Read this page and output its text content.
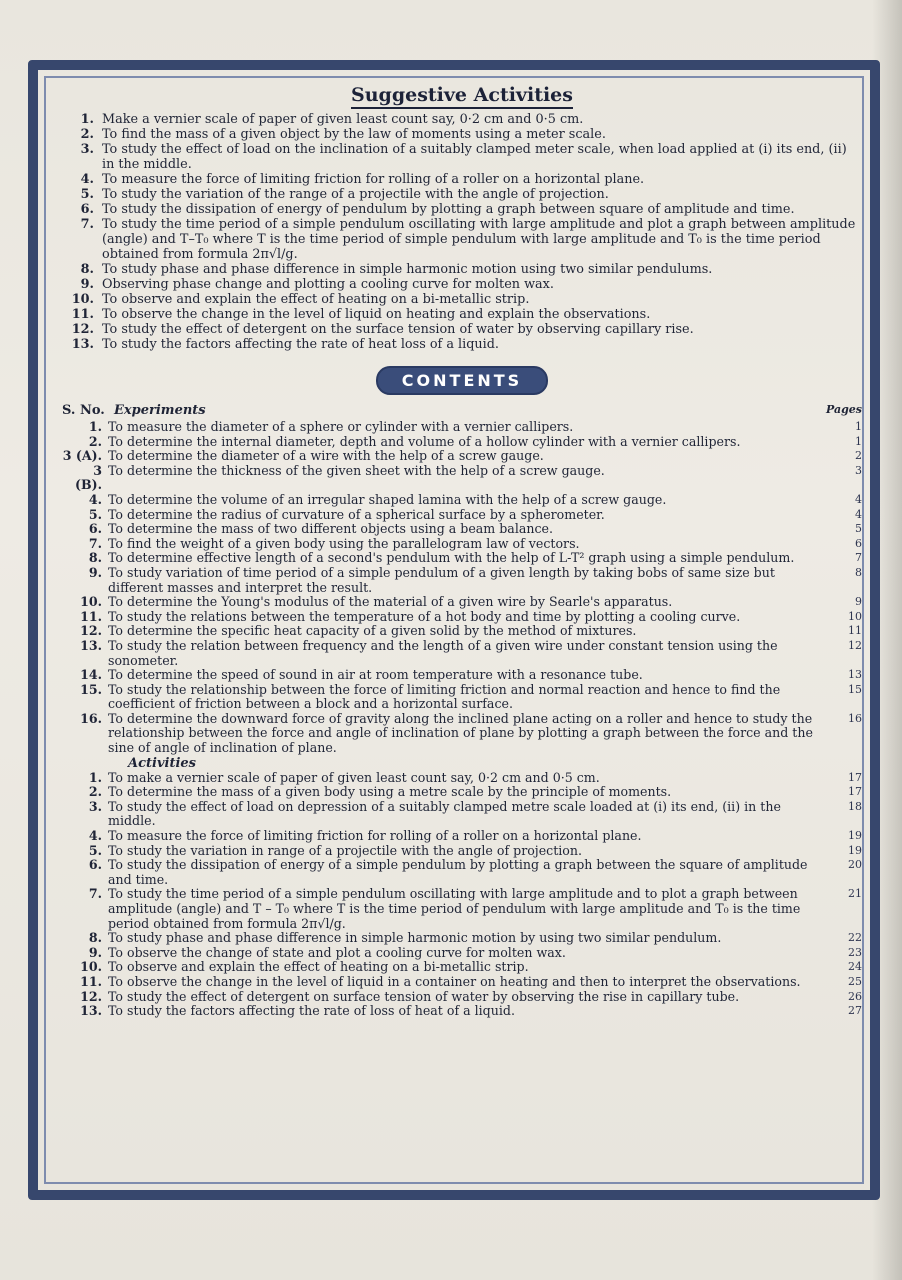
Suggestive Activities
1. Make a vernier scale of paper of given least count say, 0·2 cm and 0·5 cm.
2. To find the mass of a given object by the law of moments using a meter scale.
3. To study the effect of load on the inclination of a suitably clamped meter scale, when load applied at (i) its end, (ii) in the middle.
4. To measure the force of limiting friction for rolling of a roller on a horizontal plane.
5. To study the variation of the range of a projectile with the angle of projection.
6. To study the dissipation of energy of pendulum by plotting a graph between square of amplitude and time.
7. To study the time period of a simple pendulum oscillating with large amplitude and plot a graph between amplitude (angle) and T–T₀ where T is the time period of simple pendulum with large amplitude and T₀ is the time period obtained from formula 2π√l/g.
8. To study phase and phase difference in simple harmonic motion using two similar pendulums.
9. Observing phase change and plotting a cooling curve for molten wax.
10. To observe and explain the effect of heating on a bi-metallic strip.
11. To observe the change in the level of liquid on heating and explain the observations.
12. To study the effect of detergent on the surface tension of water by observing capillary rise.
13. To study the factors affecting the rate of heat loss of a liquid.
CONTENTS
S. No. Experiments	Pages
1. To measure the diameter of a sphere or cylinder with a vernier callipers.	1
2. To determine the internal diameter, depth and volume of a hollow cylinder with a vernier callipers.	1
3 (A). To determine the diameter of a wire with the help of a screw gauge.	2
3 (B).
To determine the thickness of the given sheet with the help of a screw gauge.	3
4. To determine the volume of an irregular shaped lamina with the help of a screw gauge.	4
5. To determine the radius of curvature of a spherical surface by a spherometer.	4
6. To determine the mass of two different objects using a beam balance.	5
7. To find the weight of a given body using the parallelogram law of vectors.	6
8. To determine effective length of a second's pendulum with the help of L-T² graph using a simple pendulum.	7
9. To study variation of time period of a simple pendulum of a given length by taking bobs of same size but different masses and interpret the result.
8
10. To determine the Young's modulus of the material of a given wire by Searle's apparatus.	9
11. To study the relations between the temperature of a hot body and time by plotting a cooling curve.	10
12. To determine the specific heat capacity of a given solid by the method of mixtures.	11
13. To study the relation between frequency and the length of a given wire under constant tension using the sonometer.
12
14. To determine the speed of sound in air at room temperature with a resonance tube.	13
15. To study the relationship between the force of limiting friction and normal reaction and hence to find the coefficient of friction between a block and a horizontal surface.
15
16. To determine the downward force of gravity along the inclined plane acting on a roller and hence to study the relationship between the force and angle of inclination of plane by plotting a graph between the force and the sine of angle of inclination of plane.
16
Activities
1. To make a vernier scale of paper of given least count say, 0·2 cm and 0·5 cm.	17
2. To determine the mass of a given body using a metre scale by the principle of moments.	17
3. To study the effect of load on depression of a suitably clamped metre scale loaded at (i) its end, (ii) in the middle.
18
4. To measure the force of limiting friction for rolling of a roller on a horizontal plane.	19
5. To study the variation in range of a projectile with the angle of projection.	19
6. To study the dissipation of energy of a simple pendulum by plotting a graph between the square of amplitude and time.
20
7. To study the time period of a simple pendulum oscillating with large amplitude and to plot a graph between amplitude (angle) and T – T₀ where T is the time period of pendulum with large amplitude and T₀ is the time period obtained from formula 2π√l/g.
21
8. To study phase and phase difference in simple harmonic motion by using two similar pendulum.	22
9. To observe the change of state and plot a cooling curve for molten wax.	23
10. To observe and explain the effect of heating on a bi-metallic strip.	24
11. To observe the change in the level of liquid in a container on heating and then to interpret the observations.	25
12. To study the effect of detergent on surface tension of water by observing the rise in capillary tube.	26
13. To study the factors affecting the rate of loss of heat of a liquid.	27
